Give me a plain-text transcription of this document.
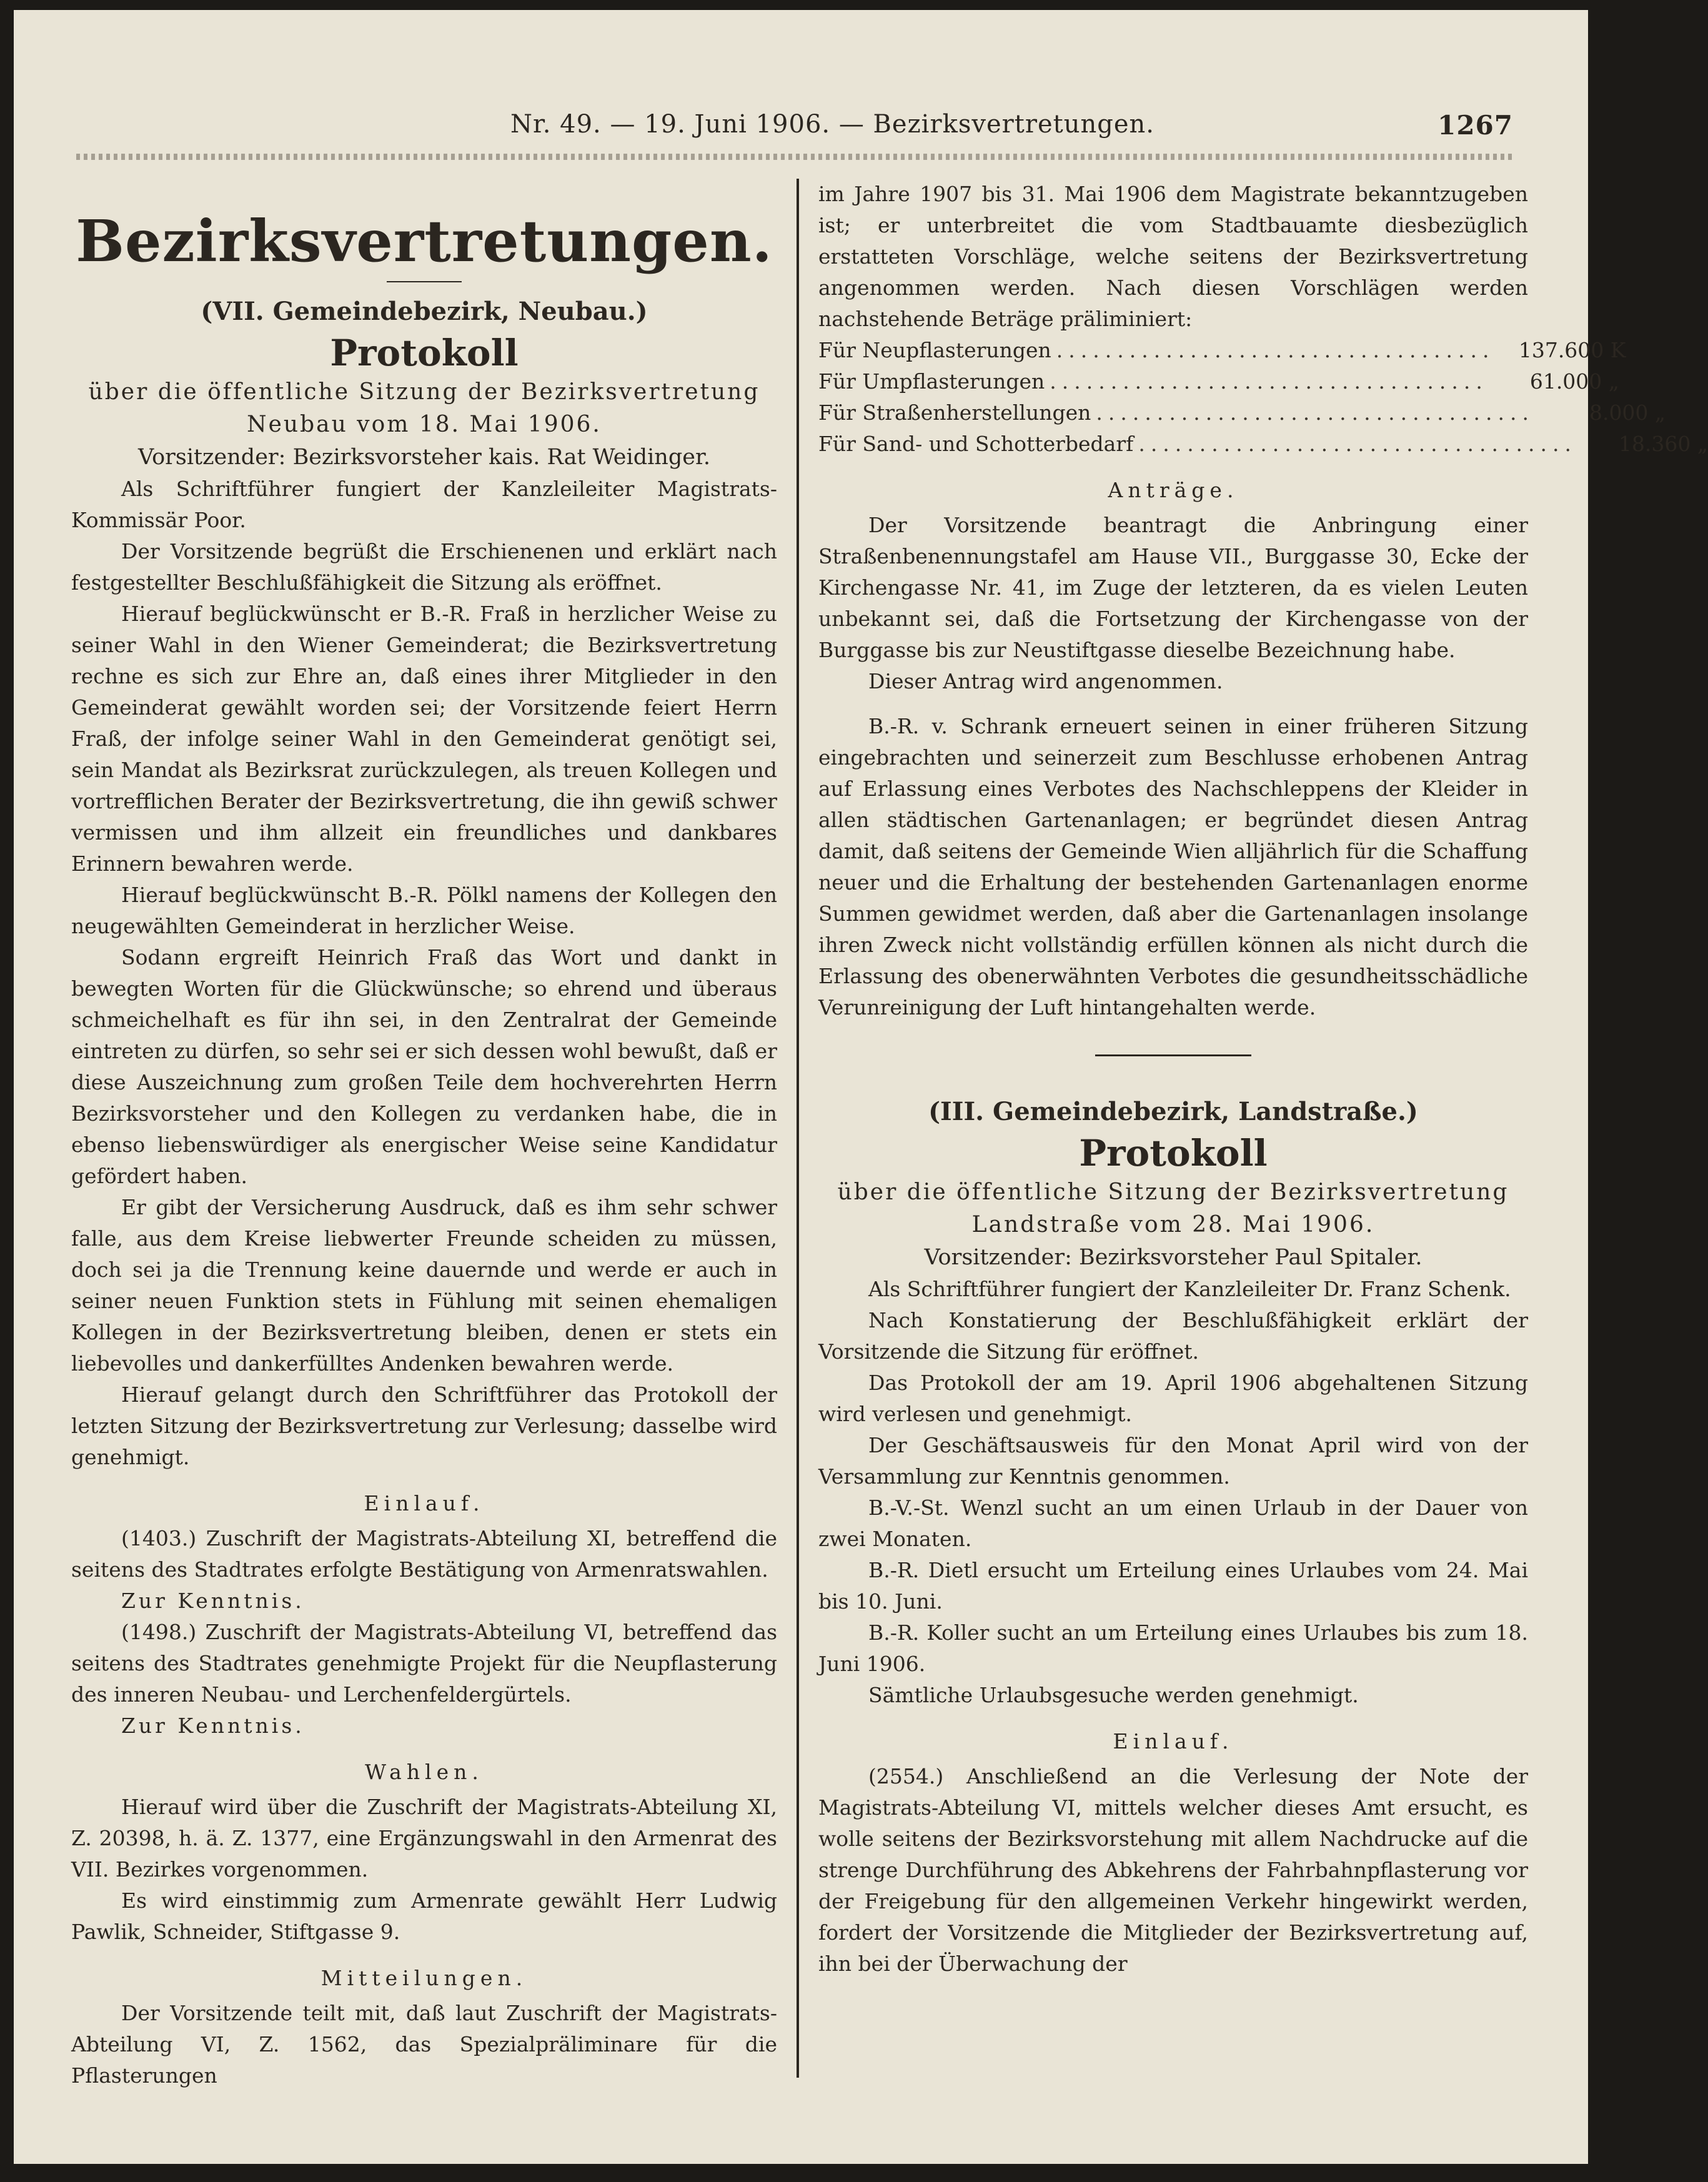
Nr. 49. — 19. Juni 1906. — Bezirksvertretungen.	1267
Bezirksvertretungen.
(VII. Gemeindebezirk, Neubau.)
Protokoll
über die öffentliche Sitzung der Bezirksvertretung
Neubau vom 18. Mai 1906.
Vorsitzender: Bezirksvorsteher kais. Rat Weidinger.

Als Schriftführer fungiert der Kanzleileiter Magistrats-Kommissär Poor.

Der Vorsitzende begrüßt die Erschienenen und erklärt nach festgestellter Beschlußfähigkeit die Sitzung als eröffnet.

Hierauf beglückwünscht er B.-R. Fraß in herzlicher Weise zu seiner Wahl in den Wiener Gemeinderat; die Bezirksvertretung rechne es sich zur Ehre an, daß eines ihrer Mitglieder in den Gemeinderat gewählt worden sei; der Vorsitzende feiert Herrn Fraß, der infolge seiner Wahl in den Gemeinderat genötigt sei, sein Mandat als Bezirksrat zurückzulegen, als treuen Kollegen und vortrefflichen Berater der Bezirksvertretung, die ihn gewiß schwer vermissen und ihm allzeit ein freundliches und dankbares Erinnern bewahren werde.

Hierauf beglückwünscht B.-R. Pölkl namens der Kollegen den neugewählten Gemeinderat in herzlicher Weise.

Sodann ergreift Heinrich Fraß das Wort und dankt in bewegten Worten für die Glückwünsche; so ehrend und überaus schmeichelhaft es für ihn sei, in den Zentralrat der Gemeinde eintreten zu dürfen, so sehr sei er sich dessen wohl bewußt, daß er diese Auszeichnung zum großen Teile dem hochverehrten Herrn Bezirksvorsteher und den Kollegen zu verdanken habe, die in ebenso liebenswürdiger als energischer Weise seine Kandidatur gefördert haben.

Er gibt der Versicherung Ausdruck, daß es ihm sehr schwer falle, aus dem Kreise liebwerter Freunde scheiden zu müssen, doch sei ja die Trennung keine dauernde und werde er auch in seiner neuen Funktion stets in Fühlung mit seinen ehemaligen Kollegen in der Bezirksvertretung bleiben, denen er stets ein liebevolles und dankerfülltes Andenken bewahren werde.

Hierauf gelangt durch den Schriftführer das Protokoll der letzten Sitzung der Bezirksvertretung zur Verlesung; dasselbe wird genehmigt.

Einlauf.

(1403.) Zuschrift der Magistrats-Abteilung XI, betreffend die seitens des Stadtrates erfolgte Bestätigung von Armenratswahlen.

Zur Kenntnis.

(1498.) Zuschrift der Magistrats-Abteilung VI, betreffend das seitens des Stadtrates genehmigte Projekt für die Neupflasterung des inneren Neubau- und Lerchenfeldergürtels.

Zur Kenntnis.

Wahlen.

Hierauf wird über die Zuschrift der Magistrats-Abteilung XI, Z. 20398, h. ä. Z. 1377, eine Ergänzungswahl in den Armenrat des VII. Bezirkes vorgenommen.

Es wird einstimmig zum Armenrate gewählt Herr Ludwig Pawlik, Schneider, Stiftgasse 9.

Mitteilungen.

Der Vorsitzende teilt mit, daß laut Zuschrift der Magistrats-Abteilung VI, Z. 1562, das Spezialpräliminare für die Pflasterungen

im Jahre 1907 bis 31. Mai 1906 dem Magistrate bekanntzugeben ist; er unterbreitet die vom Stadtbauamte diesbezüglich erstatteten Vorschläge, welche seitens der Bezirksvertretung angenommen werden. Nach diesen Vorschlägen werden nachstehende Beträge präliminiert:

Für Neupflasterungen ....................................	137.600 K
Für Umpflasterungen ....................................	61.000 „
Für Straßenherstellungen ....................................	8.000 „
Für Sand- und Schotterbedarf ....................................	18.360 „
Anträge.

Der Vorsitzende beantragt die Anbringung einer Straßenbenennungstafel am Hause VII., Burggasse 30, Ecke der Kirchengasse Nr. 41, im Zuge der letzteren, da es vielen Leuten unbekannt sei, daß die Fortsetzung der Kirchengasse von der Burggasse bis zur Neustiftgasse dieselbe Bezeichnung habe.

Dieser Antrag wird angenommen.

B.-R. v. Schrank erneuert seinen in einer früheren Sitzung eingebrachten und seinerzeit zum Beschlusse erhobenen Antrag auf Erlassung eines Verbotes des Nachschleppens der Kleider in allen städtischen Gartenanlagen; er begründet diesen Antrag damit, daß seitens der Gemeinde Wien alljährlich für die Schaffung neuer und die Erhaltung der bestehenden Gartenanlagen enorme Summen gewidmet werden, daß aber die Gartenanlagen insolange ihren Zweck nicht vollständig erfüllen können als nicht durch die Erlassung des obenerwähnten Verbotes die gesundheitsschädliche Verunreinigung der Luft hintangehalten werde.

(III. Gemeindebezirk, Landstraße.)
Protokoll
über die öffentliche Sitzung der Bezirksvertretung
Landstraße vom 28. Mai 1906.
Vorsitzender: Bezirksvorsteher Paul Spitaler.

Als Schriftführer fungiert der Kanzleileiter Dr. Franz Schenk.

Nach Konstatierung der Beschlußfähigkeit erklärt der Vorsitzende die Sitzung für eröffnet.

Das Protokoll der am 19. April 1906 abgehaltenen Sitzung wird verlesen und genehmigt.

Der Geschäftsausweis für den Monat April wird von der Versammlung zur Kenntnis genommen.

B.-V.-St. Wenzl sucht an um einen Urlaub in der Dauer von zwei Monaten.

B.-R. Dietl ersucht um Erteilung eines Urlaubes vom 24. Mai bis 10. Juni.

B.-R. Koller sucht an um Erteilung eines Urlaubes bis zum 18. Juni 1906.

Sämtliche Urlaubsgesuche werden genehmigt.

Einlauf.

(2554.) Anschließend an die Verlesung der Note der Magistrats-Abteilung VI, mittels welcher dieses Amt ersucht, es wolle seitens der Bezirksvorstehung mit allem Nachdrucke auf die strenge Durchführung des Abkehrens der Fahrbahnpflasterung vor der Freigebung für den allgemeinen Verkehr hingewirkt werden, fordert der Vorsitzende die Mitglieder der Bezirksvertretung auf, ihn bei der Überwachung der
